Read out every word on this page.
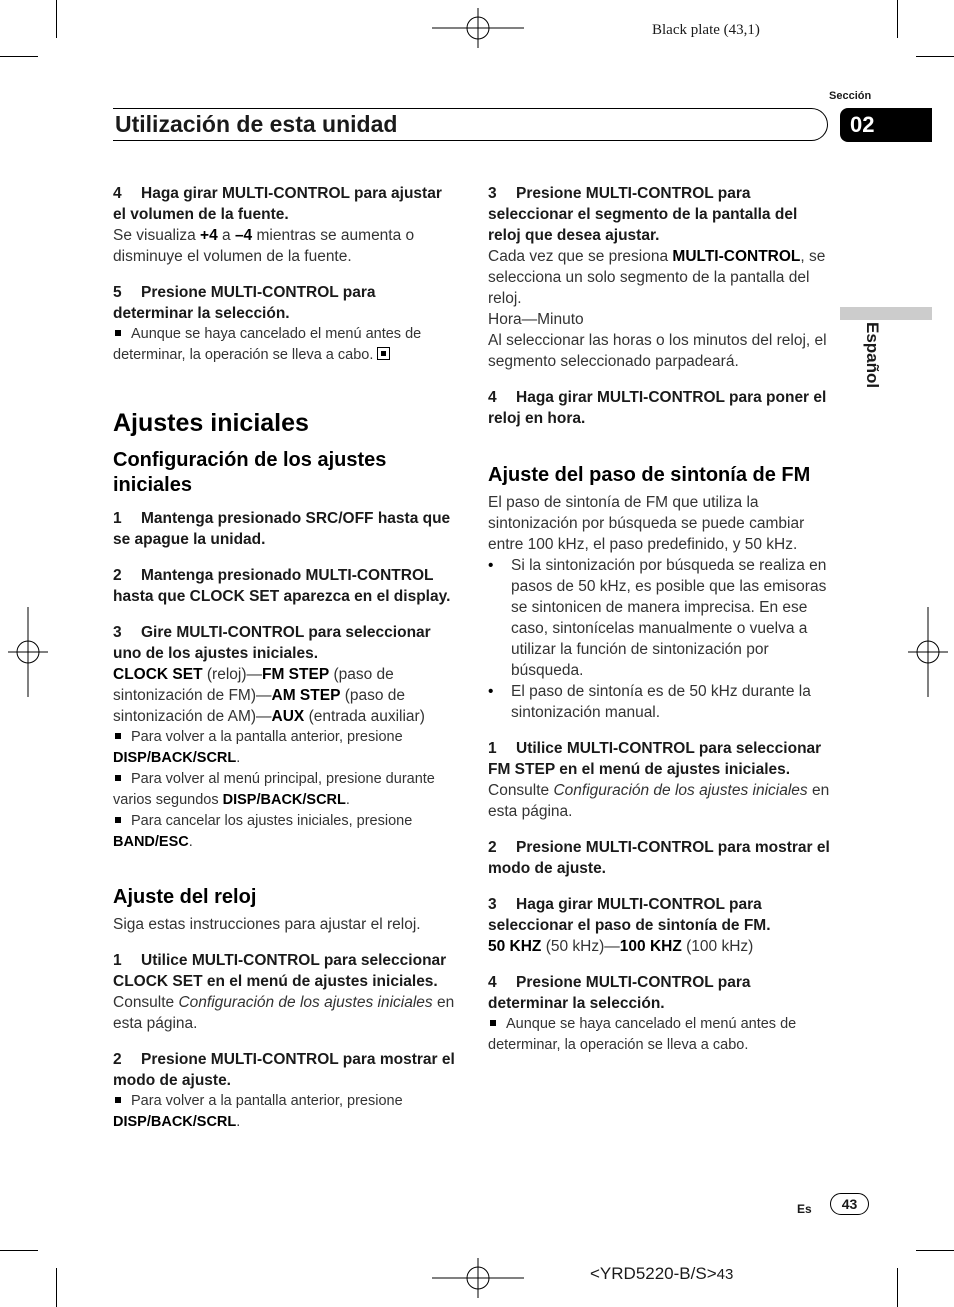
Black plate (43,1)
Sección
Utilización de esta unidad	02
Español

4 Haga girar MULTI-CONTROL para ajustar el volumen de la fuente.

Se visualiza +4 a –4 mientras se aumenta o disminuye el volumen de la fuente.

5 Presione MULTI-CONTROL para determinar la selección.

Aunque se haya cancelado el menú antes de determinar, la operación se lleva a cabo.

Ajustes iniciales

Configuración de los ajustes iniciales

1 Mantenga presionado SRC/OFF hasta que se apague la unidad.

2 Mantenga presionado MULTI-CONTROL hasta que CLOCK SET aparezca en el display.

3 Gire MULTI-CONTROL para seleccionar uno de los ajustes iniciales.

CLOCK SET (reloj)—FM STEP (paso de sintonización de FM)—AM STEP (paso de sintonización de AM)—AUX (entrada auxiliar)

Para volver a la pantalla anterior, presione DISP/BACK/SCRL.

Para volver al menú principal, presione durante varios segundos DISP/BACK/SCRL.

Para cancelar los ajustes iniciales, presione BAND/ESC.

Ajuste del reloj

Siga estas instrucciones para ajustar el reloj.

1 Utilice MULTI-CONTROL para seleccionar CLOCK SET en el menú de ajustes iniciales.

Consulte Configuración de los ajustes iniciales en esta página.

2 Presione MULTI-CONTROL para mostrar el modo de ajuste.

Para volver a la pantalla anterior, presione DISP/BACK/SCRL.

3 Presione MULTI-CONTROL para seleccionar el segmento de la pantalla del reloj que desea ajustar.

Cada vez que se presiona MULTI-CONTROL, se selecciona un solo segmento de la pantalla del reloj.

Hora—Minuto

Al seleccionar las horas o los minutos del reloj, el segmento seleccionado parpadeará.

4 Haga girar MULTI-CONTROL para poner el reloj en hora.

Ajuste del paso de sintonía de FM

El paso de sintonía de FM que utiliza la sintonización por búsqueda se puede cambiar entre 100 kHz, el paso predefinido, y 50 kHz.

• Si la sintonización por búsqueda se realiza en pasos de 50 kHz, es posible que las emisoras se sintonicen de manera imprecisa. En ese caso, sintonícelas manualmente o vuelva a utilizar la función de sintonización por búsqueda.

• El paso de sintonía es de 50 kHz durante la sintonización manual.

1 Utilice MULTI-CONTROL para seleccionar FM STEP en el menú de ajustes iniciales.

Consulte Configuración de los ajustes iniciales en esta página.

2 Presione MULTI-CONTROL para mostrar el modo de ajuste.

3 Haga girar MULTI-CONTROL para seleccionar el paso de sintonía de FM.

50 KHZ (50 kHz)—100 KHZ (100 kHz)

4 Presione MULTI-CONTROL para determinar la selección.

Aunque se haya cancelado el menú antes de determinar, la operación se lleva a cabo.

Es	43
<YRD5220-B/S>43
